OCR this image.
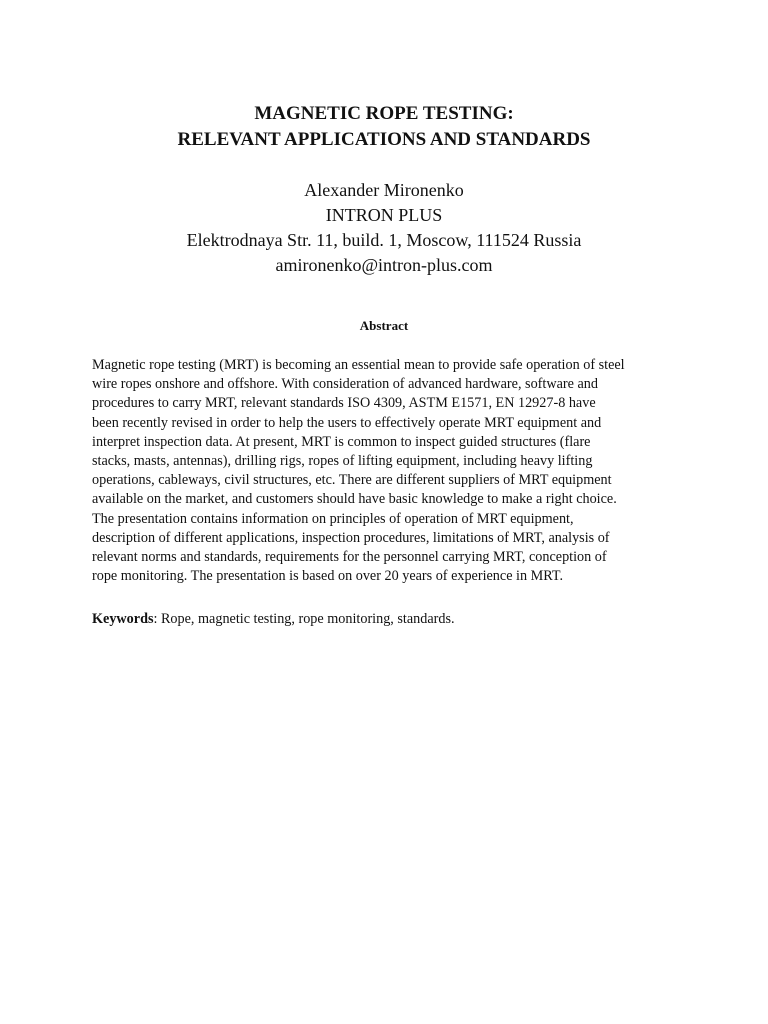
MAGNETIC ROPE TESTING:
RELEVANT APPLICATIONS AND STANDARDS
Alexander Mironenko
INTRON PLUS
Elektrodnaya Str. 11, build. 1, Moscow, 111524 Russia
amironenko@intron-plus.com
Abstract
Magnetic rope testing (MRT) is becoming an essential mean to provide safe operation of steel
wire ropes onshore and offshore. With consideration of advanced hardware, software and
procedures to carry MRT, relevant standards ISO 4309, ASTM E1571, EN 12927-8 have
been recently revised in order to help the users to effectively operate MRT equipment and
interpret inspection data. At present, MRT is common to inspect guided structures (flare
stacks, masts, antennas), drilling rigs, ropes of lifting equipment, including heavy lifting
operations, cableways, civil structures, etc. There are different suppliers of MRT equipment
available on the market, and customers should have basic knowledge to make a right choice.
The presentation contains information on principles of operation of MRT equipment,
description of different applications, inspection procedures, limitations of MRT, analysis of
relevant norms and standards, requirements for the personnel carrying MRT, conception of
rope monitoring. The presentation is based on over 20 years of experience in MRT.
Keywords: Rope, magnetic testing, rope monitoring, standards.
